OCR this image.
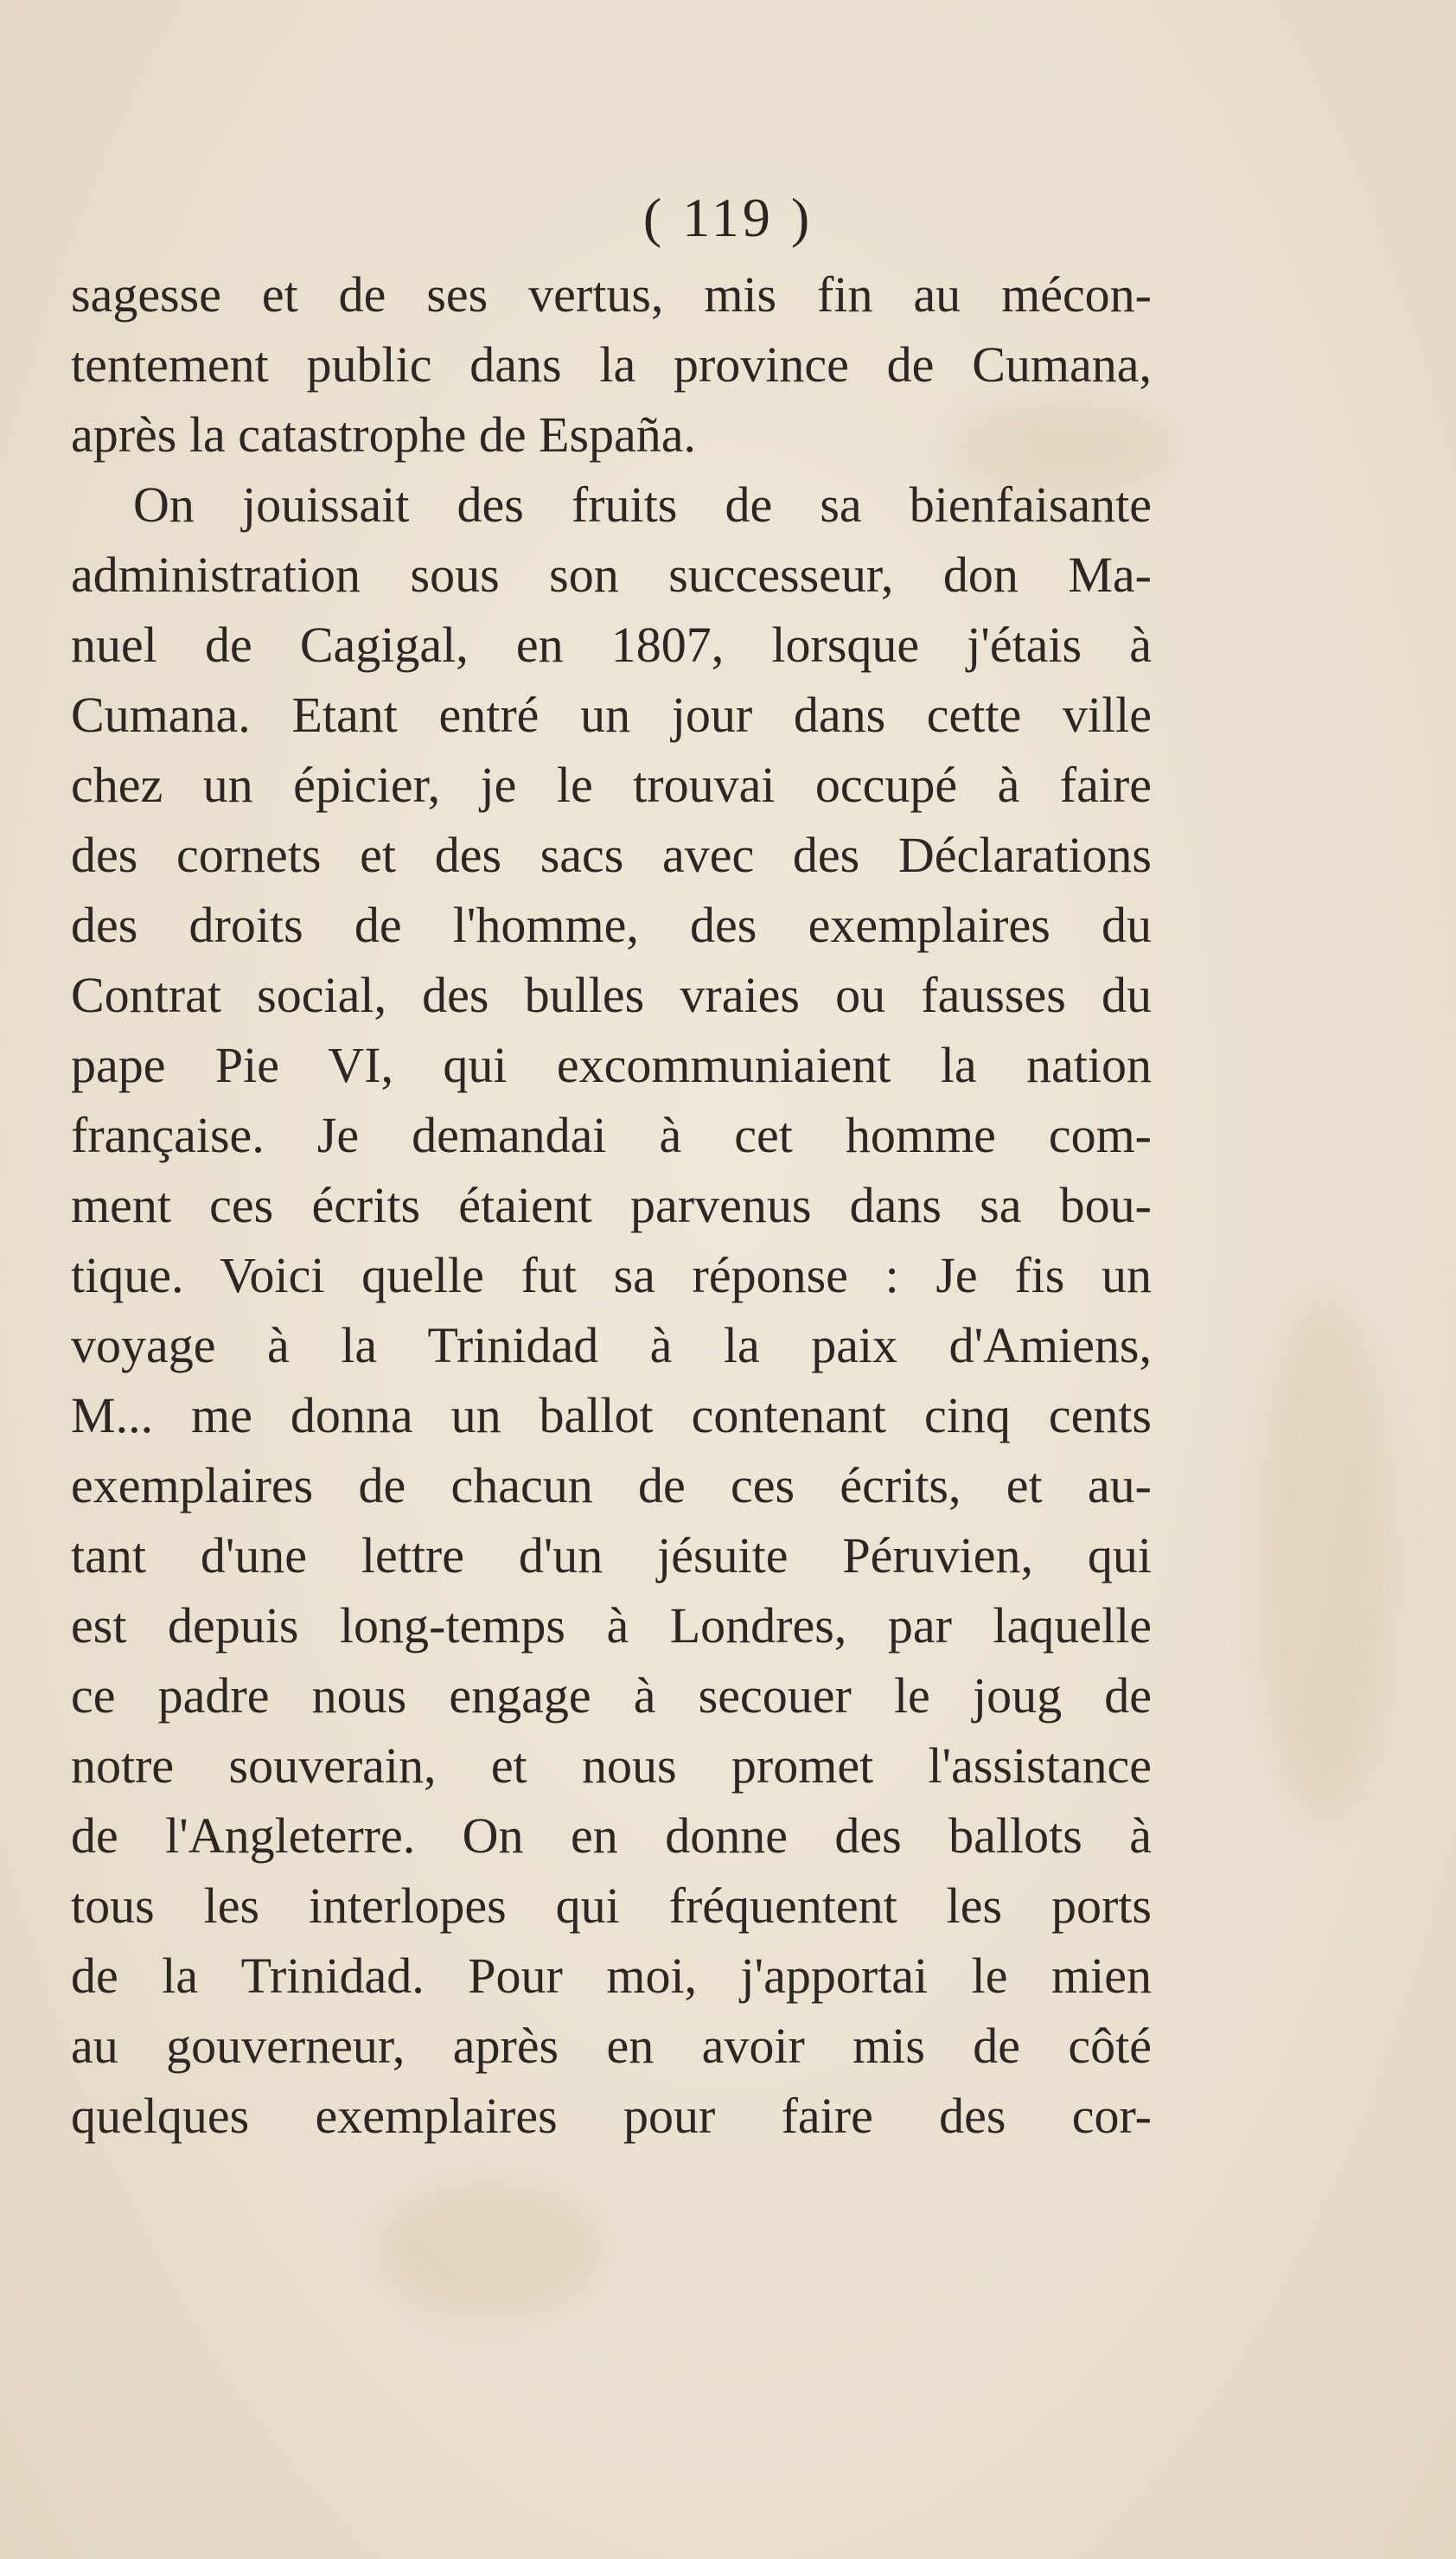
( 119 )
sagesse et de ses vertus, mis fin au mécon-
tentement public dans la province de Cumana,
après la catastrophe de España.
On jouissait des fruits de sa bienfaisante
administration sous son successeur, don Ma-
nuel de Cagigal, en 1807, lorsque j'étais à
Cumana. Etant entré un jour dans cette ville
chez un épicier, je le trouvai occupé à faire
des cornets et des sacs avec des Déclarations
des droits de l'homme, des exemplaires du
Contrat social, des bulles vraies ou fausses du
pape Pie VI, qui excommuniaient la nation
française. Je demandai à cet homme com-
ment ces écrits étaient parvenus dans sa bou-
tique. Voici quelle fut sa réponse : Je fis un
voyage à la Trinidad à la paix d'Amiens,
M... me donna un ballot contenant cinq cents
exemplaires de chacun de ces écrits, et au-
tant d'une lettre d'un jésuite Péruvien, qui
est depuis long-temps à Londres, par laquelle
ce padre nous engage à secouer le joug de
notre souverain, et nous promet l'assistance
de l'Angleterre. On en donne des ballots à
tous les interlopes qui fréquentent les ports
de la Trinidad. Pour moi, j'apportai le mien
au gouverneur, après en avoir mis de côté
quelques exemplaires pour faire des cor-
